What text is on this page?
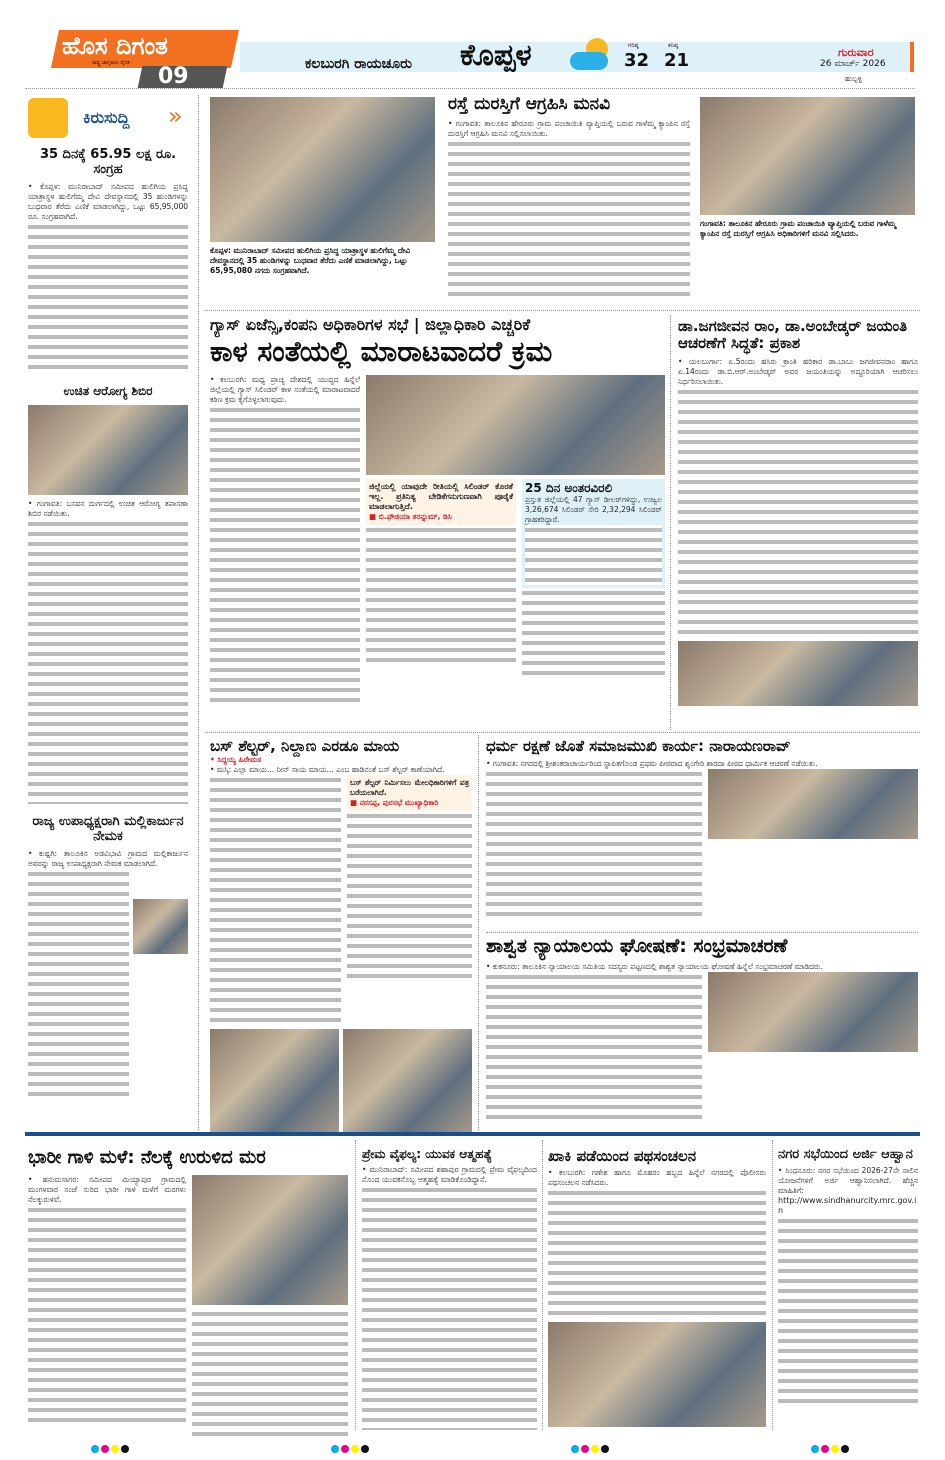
ಹೊಸ ದಿಗಂತ
ರಾಷ್ಟ್ರ ಜಾಗೃತಿಯ ದೈನಿಕ
09	ಕಲಬುರಗಿ ರಾಯಚೂರು ಕೊಪ್ಪಳ	ಗರಿಷ್ಠ
32
ಕನಿಷ್ಠ
21	ಗುರುವಾರ
26 ಮಾರ್ಚ್ 2026
ಹುಬ್ಬಳ್ಳಿ
ಕಿರುಸುದ್ದಿ »
35 ದಿನಕ್ಕೆ 65.95 ಲಕ್ಷ ರೂ. ಸಂಗ್ರಹ
• ಕೊಪ್ಪಳ: ಮುನಿರಾಬಾದ್ ಸಮೀಪದ ಹುಲಿಗಿಯ ಪ್ರಸಿದ್ಧ ಯಾತ್ರಾಸ್ಥಳ ಹುಲಿಗೆಮ್ಮ ದೇವಿ ದೇವಸ್ಥಾನದಲ್ಲಿ 35 ಹುಂಡಿಗಳನ್ನು ಬುಧವಾರ ತೆರೆದು ಎಣಿಕೆ ಮಾಡಲಾಗಿದ್ದು, ಒಟ್ಟು 65,95,000 ರೂ. ಸಂಗ್ರಹವಾಗಿದೆ.
ಉಚಿತ ಆರೋಗ್ಯ ಶಿಬಿರ
• ಗಂಗಾವತಿ: ಬಸವನ ದುರ್ಗದಲ್ಲಿ ಉಚಿತ ಆರೋಗ್ಯ ತಪಾಸಣಾ ಶಿಬಿರ ನಡೆಯಿತು.
ರಾಜ್ಯ ಉಪಾಧ್ಯಕ್ಷರಾಗಿ ಮಲ್ಲಿಕಾರ್ಜುನ ನೇಮಕ
• ಕುಷ್ಟಗಿ: ತಾಲೂಕಿನ ಅಡವಿಭಾವಿ ಗ್ರಾಮದ ಮಲ್ಲಿಕಾರ್ಜುನ ಅವರನ್ನು ರಾಜ್ಯ ಉಪಾಧ್ಯಕ್ಷರಾಗಿ ನೇಮಕ ಮಾಡಲಾಗಿದೆ.
ಕೊಪ್ಪಳ: ಮುನಿರಾಬಾದ್ ಸಮೀಪದ ಹುಲಿಗಿಯ ಪ್ರಸಿದ್ಧ ಯಾತ್ರಾಸ್ಥಳ ಹುಲಿಗೆಮ್ಮ ದೇವಿ ದೇವಸ್ಥಾನದಲ್ಲಿ 35 ಹುಂಡಿಗಳನ್ನು ಬುಧವಾರ ತೆರೆದು ಎಣಿಕೆ ಮಾಡಲಾಗಿದ್ದು, ಒಟ್ಟು 65,95,080 ನಗದು ಸಂಗ್ರಹವಾಗಿದೆ.
ರಸ್ತೆ ದುರಸ್ತಿಗೆ ಆಗ್ರಹಿಸಿ ಮನವಿ
• ಗಂಗಾವತಿ: ತಾಲೂಕಿನ ಹೇರೂರು ಗ್ರಾಮ ಪಂಚಾಯಿತಿ ವ್ಯಾಪ್ತಿಯಲ್ಲಿ ಬರುವ ಗಾಳೆಮ್ಮ ಕ್ಯಾಂಪಿನ ರಸ್ತೆ ದುರಸ್ತಿಗೆ ಆಗ್ರಹಿಸಿ ಮನವಿ ಸಲ್ಲಿಸಲಾಯಿತು.
ಗಂಗಾವತಿ: ತಾಲೂಕಿನ ಹೇರೂರು ಗ್ರಾಮ ಪಂಚಾಯಿತಿ ವ್ಯಾಪ್ತಿಯಲ್ಲಿ ಬರುವ ಗಾಳೆಮ್ಮ ಕ್ಯಾಂಪಿನ ರಸ್ತೆ ದುರಸ್ತಿಗೆ ಆಗ್ರಹಿಸಿ ಅಧಿಕಾರಿಗಳಿಗೆ ಮನವಿ ಸಲ್ಲಿಸಿದರು.
ಗ್ಯಾಸ್ ಏಜೆನ್ಸಿ,ಕಂಪನಿ ಅಧಿಕಾರಿಗಳ ಸಭೆ | ಜಿಲ್ಲಾಧಿಕಾರಿ ಎಚ್ಚರಿಕೆ
ಕಾಳ ಸಂತೆಯಲ್ಲಿ ಮಾರಾಟವಾದರೆ ಕ್ರಮ
• ಕಲಬುರಗಿ: ಮಧ್ಯ ಪ್ರಾಚ್ಯ ದೇಶದಲ್ಲಿ ಯುದ್ಧದ ಹಿನ್ನೆಲೆ ಜಿಲ್ಲೆಯಲ್ಲಿ ಗ್ಯಾಸ್ ಸಿಲಿಂಡರ್ ಕಾಳ ಸಂತೆಯಲ್ಲಿ ಮಾರಾಟವಾದರೆ ಕಠಿಣ ಕ್ರಮ ಕೈಗೊಳ್ಳಲಾಗುವುದು.
ಜಿಲ್ಲೆಯಲ್ಲಿ ಯಾವುದೇ ರೀತಿಯಲ್ಲಿ ಸಿಲಿಂಡರ್ ಕೊರತೆ ಇಲ್ಲ. ಪ್ರತಿನಿತ್ಯ ಬೇಡಿಕೆಗನುಗುಣವಾಗಿ ಪೂರೈಕೆ ಮಾಡಲಾಗುತ್ತಿದೆ.
■ ಬಿ.ಫೌಜಿಯಾ ತರನ್ನುಮ್, ಡಿಸಿ
25 ದಿನ ಅಂತರವಿರಲಿ
ಪ್ರಸ್ತುತ ಜಿಲ್ಲೆಯಲ್ಲಿ 47 ಗ್ಯಾಸ್ ಡೀಲರ್‌ಗಳಿದ್ದು, ಉಜ್ವಲ 3,26,674 ಸಿಲಿಂಡರ್ ಸೇರಿ 2,32,294 ಸಿಲಿಂಡರ್ ಗ್ರಾಹಕರಿದ್ದಾರೆ.
ಡಾ.ಜಗಜೀವನ ರಾಂ, ಡಾ.ಅಂಬೇಡ್ಕರ್ ಜಯಂತಿ ಆಚರಣೆಗೆ ಸಿದ್ಧತೆ: ಪ್ರಕಾಶ
• ಯಲಬುರ್ಗಾ: ಏ.5ರಂದು ಹಸಿರು ಕ್ರಾಂತಿ ಹರಿಕಾರ ಡಾ.ಬಾಬು ಜಗಜೀವನರಾಂ ಹಾಗೂ ಏ.14ರಂದು ಡಾ.ಬಿ.ಆರ್.ಅಂಬೇಡ್ಕರ್ ಅವರ ಜಯಂತಿಯನ್ನು ಅದ್ದೂರಿಯಾಗಿ ಆಚರಿಸಲು ನಿರ್ಧರಿಸಲಾಯಿತು.
ಬಸ್ ಶೆಲ್ಟರ್, ನಿಲ್ದಾಣ ಎರಡೂ ಮಾಯ
• ಸಿದ್ದಯ್ಯ ಹಿರೇಮಠ
• ಮಸ್ಕಿ: ಎಲ್ಲಾ ಮಾಯ... ನೀನ್ ಸಾಯ ಮಾಯ... ಎಂಬ ಹಾಡಿನಂತೆ ಬಸ್ ಶೆಲ್ಟರ್ ಕಾಣೆಯಾಗಿದೆ.
ಬಸ್ ಶೆಲ್ಟರ್ ನಿರ್ಮಿಸಲು ಮೇಲಧಿಕಾರಿಗಳಿಗೆ ಪತ್ರ ಬರೆಯಲಾಗಿದೆ.
■ ನರಸಪ್ಪ, ಪುರಸಭೆ ಮುಖ್ಯಾಧಿಕಾರಿ
ಧರ್ಮ ರಕ್ಷಣೆ ಜೊತೆ ಸಮಾಜಮುಖಿ ಕಾರ್ಯ: ನಾರಾಯಣರಾವ್
• ಗಂಗಾವತಿ: ನಗರದಲ್ಲಿ ಶ್ರೀಶಂಕರಾಚಾರ್ಯರಿಂದ ಸ್ಥಾಪಿತಗೊಂಡ ಪ್ರಥಮ ಪೀಠವಾದ ಶೃಂಗೇರಿ ಶಾರದಾ ಪೀಠದ ಧಾರ್ಮಿಕ ಆಚರಣೆ ನಡೆಯಿತು.
ಶಾಶ್ವತ ನ್ಯಾಯಾಲಯ ಘೋಷಣೆ: ಸಂಭ್ರಮಾಚರಣೆ
• ಕುಕನೂರು: ತಾಲೂಕಿನ ನ್ಯಾಯಾಲಯ ಸಮಿತಿಯ ಸದಸ್ಯರು ಪಟ್ಟಣದಲ್ಲಿ ಶಾಶ್ವತ ನ್ಯಾಯಾಲಯ ಘೋಷಣೆ ಹಿನ್ನೆಲೆ ಸಂಭ್ರಮಾಚರಣೆ ಮಾಡಿದರು.
ಭಾರೀ ಗಾಳಿ ಮಳೆ: ನೆಲಕ್ಕೆ ಉರುಳಿದ ಮರ
• ಹನುಮಸಾಗರ: ಸಮೀಪದ ಮಿಯ್ಯಾಪುರ ಗ್ರಾಮದಲ್ಲಿ ಮಂಗಳವಾರ ಸಂಜೆ ಸುರಿದ ಭಾರೀ ಗಾಳಿ ಮಳೆಗೆ ಮರಗಳು ನೆಲಕ್ಕುರುಳಿವೆ.
ಪ್ರೇಮ ವೈಫಲ್ಯ: ಯುವಕ ಆತ್ಮಹತ್ಯೆ
• ಮುನಿರಾಬಾದ್: ಸಮೀಪದ ಶಹಾಪುರ ಗ್ರಾಮದಲ್ಲಿ ಪ್ರೇಮ ವೈಫಲ್ಯದಿಂದ ನೊಂದ ಯುವಕನೊಬ್ಬ ಆತ್ಮಹತ್ಯೆ ಮಾಡಿಕೊಂಡಿದ್ದಾನೆ.
ಖಾಕಿ ಪಡೆಯಿಂದ ಪಥಸಂಚಲನ
• ಕಲಬುರಗಿ: ಗಣೇಶ ಹಾಗೂ ಮೊಹರಂ ಹಬ್ಬದ ಹಿನ್ನೆಲೆ ನಗರದಲ್ಲಿ ಪೊಲೀಸರು ಪಥಸಂಚಲನ ನಡೆಸಿದರು.
ನಗರ ಸಭೆಯಿಂದ ಅರ್ಜಿ ಆಹ್ವಾನ
• ಸಿಂಧನೂರು: ನಗರ ಸಭೆಯಿಂದ 2026-27ನೇ ಸಾಲಿನ ಯೋಜನೆಗಳಿಗೆ ಅರ್ಜಿ ಆಹ್ವಾನಿಸಲಾಗಿದೆ. ಹೆಚ್ಚಿನ ಮಾಹಿತಿಗೆ:
http://www.sindhanurcity.mrc.gov.in
